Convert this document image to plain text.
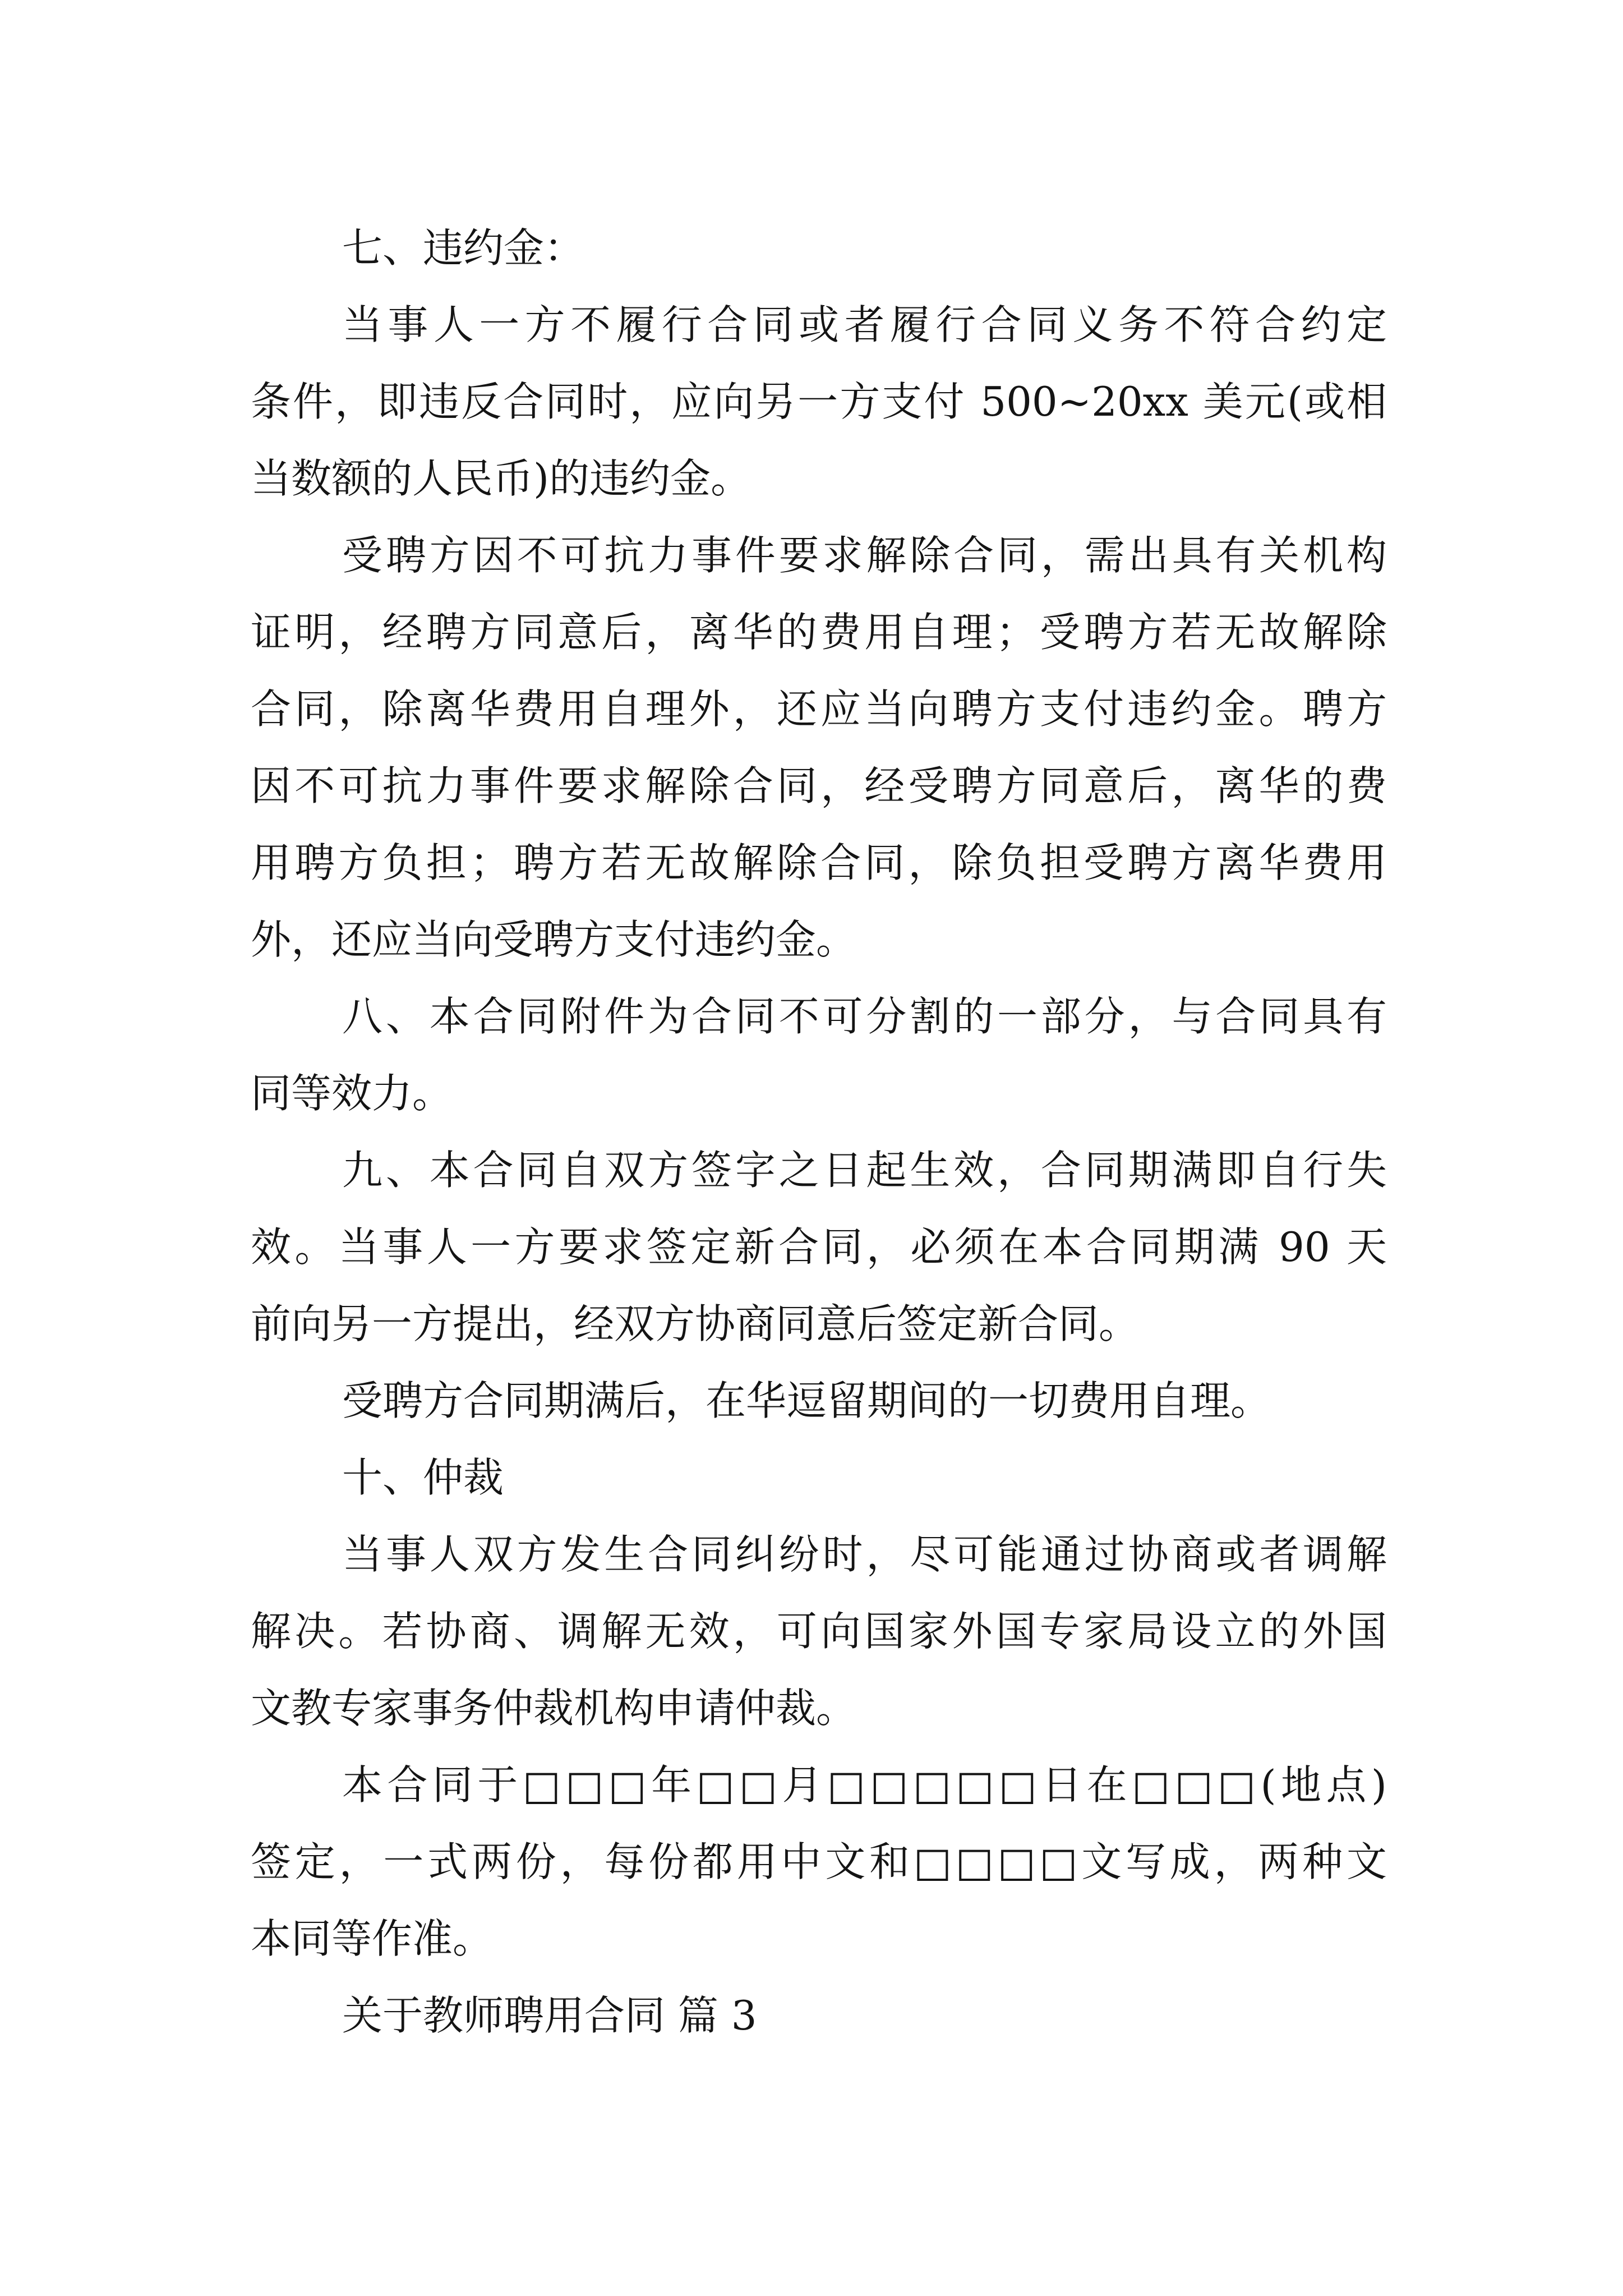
七、违约金：
当事人一方不履行合同或者履行合同义务不符合约定
条件，即违反合同时，应向另一方支付 500~20xx 美元(或相
当数额的人民币)的违约金。
受聘方因不可抗力事件要求解除合同，需出具有关机构
证明，经聘方同意后，离华的费用自理；受聘方若无故解除
合同，除离华费用自理外，还应当向聘方支付违约金。聘方
因不可抗力事件要求解除合同，经受聘方同意后，离华的费
用聘方负担；聘方若无故解除合同，除负担受聘方离华费用
外，还应当向受聘方支付违约金。
八、本合同附件为合同不可分割的一部分，与合同具有
同等效力。
九、本合同自双方签字之日起生效，合同期满即自行失
效。当事人一方要求签定新合同，必须在本合同期满 90 天
前向另一方提出，经双方协商同意后签定新合同。
受聘方合同期满后，在华逗留期间的一切费用自理。
十、仲裁
当事人双方发生合同纠纷时，尽可能通过协商或者调解
解决。若协商、调解无效，可向国家外国专家局设立的外国
文教专家事务仲裁机构申请仲裁。
本合同于□□□年□□月□□□□□日在□□□(地点)
签定，一式两份，每份都用中文和□□□□文写成，两种文
本同等作准。
关于教师聘用合同 篇 3
